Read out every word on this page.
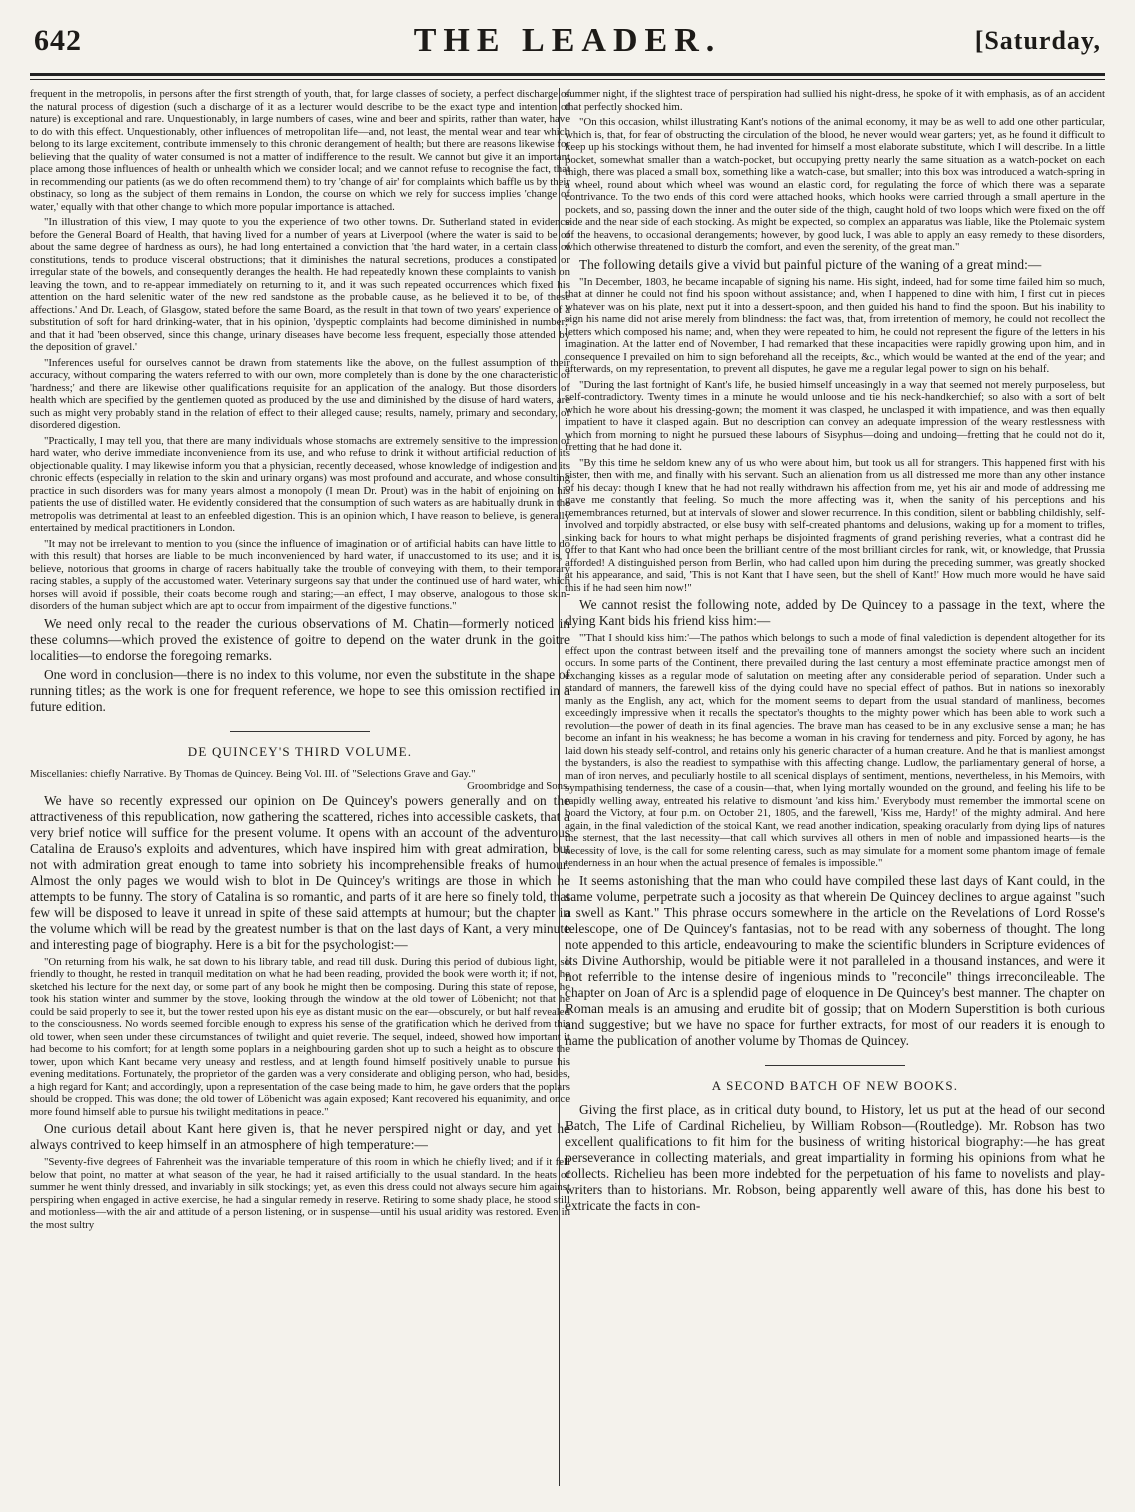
642	THE LEADER.	[Saturday,

frequent in the metropolis, in persons after the first strength of youth, that, for large classes of society, a perfect discharge of the natural process of digestion (such a discharge of it as a lecturer would describe to be the exact type and intention of nature) is exceptional and rare. Unquestionably, in large numbers of cases, wine and beer and spirits, rather than water, have to do with this effect. Unquestionably, other influences of metropolitan life—and, not least, the mental wear and tear which belong to its large excitement, contribute immensely to this chronic derangement of health; but there are reasons likewise for believing that the quality of water consumed is not a matter of indifference to the result. We cannot but give it an important place among those influences of health or unhealth which we consider local; and we cannot refuse to recognise the fact, that in recommending our patients (as we do often recommend them) to try 'change of air' for complaints which baffle us by their obstinacy, so long as the subject of them remains in London, the course on which we rely for success implies 'change of water,' equally with that other change to which more popular importance is attached.

"In illustration of this view, I may quote to you the experience of two other towns. Dr. Sutherland stated in evidence before the General Board of Health, that having lived for a number of years at Liverpool (where the water is said to be of about the same degree of hardness as ours), he had long entertained a conviction that 'the hard water, in a certain class of constitutions, tends to produce visceral obstructions; that it diminishes the natural secretions, produces a constipated or irregular state of the bowels, and consequently deranges the health. He had repeatedly known these complaints to vanish on leaving the town, and to re-appear immediately on returning to it, and it was such repeated occurrences which fixed his attention on the hard selenitic water of the new red sandstone as the probable cause, as he believed it to be, of these affections.' And Dr. Leach, of Glasgow, stated before the same Board, as the result in that town of two years' experience of a substitution of soft for hard drinking-water, that in his opinion, 'dyspeptic complaints had become diminished in number;' and that it had 'been observed, since this change, urinary diseases have become less frequent, especially those attended by the deposition of gravel.'

"Inferences useful for ourselves cannot be drawn from statements like the above, on the fullest assumption of their accuracy, without comparing the waters referred to with our own, more completely than is done by the one characteristic of 'hardness;' and there are likewise other qualifications requisite for an application of the analogy. But those disorders of health which are specified by the gentlemen quoted as produced by the use and diminished by the disuse of hard waters, are such as might very probably stand in the relation of effect to their alleged cause; results, namely, primary and secondary, of disordered digestion.

"Practically, I may tell you, that there are many individuals whose stomachs are extremely sensitive to the impression of hard water, who derive immediate inconvenience from its use, and who refuse to drink it without artificial reduction of its objectionable quality. I may likewise inform you that a physician, recently deceased, whose knowledge of indigestion and its chronic effects (especially in relation to the skin and urinary organs) was most profound and accurate, and whose consulting practice in such disorders was for many years almost a monopoly (I mean Dr. Prout) was in the habit of enjoining on his patients the use of distilled water. He evidently considered that the consumption of such waters as are habitually drunk in the metropolis was detrimental at least to an enfeebled digestion. This is an opinion which, I have reason to believe, is generally entertained by medical practitioners in London.

"It may not be irrelevant to mention to you (since the influence of imagination or of artificial habits can have little to do with this result) that horses are liable to be much inconvenienced by hard water, if unaccustomed to its use; and it is, I believe, notorious that grooms in charge of racers habitually take the trouble of conveying with them, to their temporary racing stables, a supply of the accustomed water. Veterinary surgeons say that under the continued use of hard water, which horses will avoid if possible, their coats become rough and staring;—an effect, I may observe, analogous to those skin-disorders of the human subject which are apt to occur from impairment of the digestive functions."

We need only recal to the reader the curious observations of M. Chatin—formerly noticed in these columns—which proved the existence of goitre to depend on the water drunk in the goitre localities—to endorse the foregoing remarks.

One word in conclusion—there is no index to this volume, nor even the substitute in the shape of running titles; as the work is one for frequent reference, we hope to see this omission rectified in a future edition.

DE QUINCEY'S THIRD VOLUME.
Miscellanies: chiefly Narrative. By Thomas de Quincey. Being Vol. III. of "Selections Grave and Gay."
Groombridge and Sons.

We have so recently expressed our opinion on De Quincey's powers generally and on the attractiveness of this republication, now gathering the scattered, riches into accessible caskets, that a very brief notice will suffice for the present volume. It opens with an account of the adventurous Catalina de Erauso's exploits and adventures, which have inspired him with great admiration, but not with admiration great enough to tame into sobriety his incomprehensible freaks of humour. Almost the only pages we would wish to blot in De Quincey's writings are those in which he attempts to be funny. The story of Catalina is so romantic, and parts of it are here so finely told, that few will be disposed to leave it unread in spite of these said attempts at humour; but the chapter in the volume which will be read by the greatest number is that on the last days of Kant, a very minute and interesting page of biography. Here is a bit for the psychologist:—

"On returning from his walk, he sat down to his library table, and read till dusk. During this period of dubious light, so friendly to thought, he rested in tranquil meditation on what he had been reading, provided the book were worth it; if not, he sketched his lecture for the next day, or some part of any book he might then be composing. During this state of repose, he took his station winter and summer by the stove, looking through the window at the old tower of Löbenicht; not that he could be said properly to see it, but the tower rested upon his eye as distant music on the ear—obscurely, or but half revealed to the consciousness. No words seemed forcible enough to express his sense of the gratification which he derived from this old tower, when seen under these circumstances of twilight and quiet reverie. The sequel, indeed, showed how important it had become to his comfort; for at length some poplars in a neighbouring garden shot up to such a height as to obscure the tower, upon which Kant became very uneasy and restless, and at length found himself positively unable to pursue his evening meditations. Fortunately, the proprietor of the garden was a very considerate and obliging person, who had, besides, a high regard for Kant; and accordingly, upon a representation of the case being made to him, he gave orders that the poplars should be cropped. This was done; the old tower of Löbenicht was again exposed; Kant recovered his equanimity, and once more found himself able to pursue his twilight meditations in peace."

One curious detail about Kant here given is, that he never perspired night or day, and yet he always contrived to keep himself in an atmosphere of high temperature:—

"Seventy-five degrees of Fahrenheit was the invariable temperature of this room in which he chiefly lived; and if it fell below that point, no matter at what season of the year, he had it raised artificially to the usual standard. In the heats of summer he went thinly dressed, and invariably in silk stockings; yet, as even this dress could not always secure him against perspiring when engaged in active exercise, he had a singular remedy in reserve. Retiring to some shady place, he stood still and motionless—with the air and attitude of a person listening, or in suspense—until his usual aridity was restored. Even in the most sultry

summer night, if the slightest trace of perspiration had sullied his night-dress, he spoke of it with emphasis, as of an accident that perfectly shocked him.

"On this occasion, whilst illustrating Kant's notions of the animal economy, it may be as well to add one other particular, which is, that, for fear of obstructing the circulation of the blood, he never would wear garters; yet, as he found it difficult to keep up his stockings without them, he had invented for himself a most elaborate substitute, which I will describe. In a little pocket, somewhat smaller than a watch-pocket, but occupying pretty nearly the same situation as a watch-pocket on each thigh, there was placed a small box, something like a watch-case, but smaller; into this box was introduced a watch-spring in a wheel, round about which wheel was wound an elastic cord, for regulating the force of which there was a separate contrivance. To the two ends of this cord were attached hooks, which hooks were carried through a small aperture in the pockets, and so, passing down the inner and the outer side of the thigh, caught hold of two loops which were fixed on the off side and the near side of each stocking. As might be expected, so complex an apparatus was liable, like the Ptolemaic system of the heavens, to occasional derangements; however, by good luck, I was able to apply an easy remedy to these disorders, which otherwise threatened to disturb the comfort, and even the serenity, of the great man."

The following details give a vivid but painful picture of the waning of a great mind:—

"In December, 1803, he became incapable of signing his name. His sight, indeed, had for some time failed him so much, that at dinner he could not find his spoon without assistance; and, when I happened to dine with him, I first cut in pieces whatever was on his plate, next put it into a dessert-spoon, and then guided his hand to find the spoon. But his inability to sign his name did not arise merely from blindness: the fact was, that, from irretention of memory, he could not recollect the letters which composed his name; and, when they were repeated to him, he could not represent the figure of the letters in his imagination. At the latter end of November, I had remarked that these incapacities were rapidly growing upon him, and in consequence I prevailed on him to sign beforehand all the receipts, &c., which would be wanted at the end of the year; and afterwards, on my representation, to prevent all disputes, he gave me a regular legal power to sign on his behalf.

"During the last fortnight of Kant's life, he busied himself unceasingly in a way that seemed not merely purposeless, but self-contradictory. Twenty times in a minute he would unloose and tie his neck-handkerchief; so also with a sort of belt which he wore about his dressing-gown; the moment it was clasped, he unclasped it with impatience, and was then equally impatient to have it clasped again. But no description can convey an adequate impression of the weary restlessness with which from morning to night he pursued these labours of Sisyphus—doing and undoing—fretting that he could not do it, fretting that he had done it.

"By this time he seldom knew any of us who were about him, but took us all for strangers. This happened first with his sister, then with me, and finally with his servant. Such an alienation from us all distressed me more than any other instance of his decay: though I knew that he had not really withdrawn his affection from me, yet his air and mode of addressing me gave me constantly that feeling. So much the more affecting was it, when the sanity of his perceptions and his remembrances returned, but at intervals of slower and slower recurrence. In this condition, silent or babbling childishly, self-involved and torpidly abstracted, or else busy with self-created phantoms and delusions, waking up for a moment to trifles, sinking back for hours to what might perhaps be disjointed fragments of grand perishing reveries, what a contrast did he offer to that Kant who had once been the brilliant centre of the most brilliant circles for rank, wit, or knowledge, that Prussia afforded! A distinguished person from Berlin, who had called upon him during the preceding summer, was greatly shocked at his appearance, and said, 'This is not Kant that I have seen, but the shell of Kant!' How much more would he have said this if he had seen him now!"

We cannot resist the following note, added by De Quincey to a passage in the text, where the dying Kant bids his friend kiss him:—

"'That I should kiss him:'—The pathos which belongs to such a mode of final valediction is dependent altogether for its effect upon the contrast between itself and the prevailing tone of manners amongst the society where such an incident occurs. In some parts of the Continent, there prevailed during the last century a most effeminate practice amongst men of exchanging kisses as a regular mode of salutation on meeting after any considerable period of separation. Under such a standard of manners, the farewell kiss of the dying could have no special effect of pathos. But in nations so inexorably manly as the English, any act, which for the moment seems to depart from the usual standard of manliness, becomes exceedingly impressive when it recalls the spectator's thoughts to the mighty power which has been able to work such a revolution—the power of death in its final agencies. The brave man has ceased to be in any exclusive sense a man; he has become an infant in his weakness; he has become a woman in his craving for tenderness and pity. Forced by agony, he has laid down his steady self-control, and retains only his generic character of a human creature. And he that is manliest amongst the bystanders, is also the readiest to sympathise with this affecting change. Ludlow, the parliamentary general of horse, a man of iron nerves, and peculiarly hostile to all scenical displays of sentiment, mentions, nevertheless, in his Memoirs, with sympathising tenderness, the case of a cousin—that, when lying mortally wounded on the ground, and feeling his life to be rapidly welling away, entreated his relative to dismount 'and kiss him.' Everybody must remember the immortal scene on board the Victory, at four p.m. on October 21, 1805, and the farewell, 'Kiss me, Hardy!' of the mighty admiral. And here again, in the final valediction of the stoical Kant, we read another indication, speaking oracularly from dying lips of natures the sternest, that the last necessity—that call which survives all others in men of noble and impassioned hearts—is the necessity of love, is the call for some relenting caress, such as may simulate for a moment some phantom image of female tenderness in an hour when the actual presence of females is impossible."

It seems astonishing that the man who could have compiled these last days of Kant could, in the same volume, perpetrate such a jocosity as that wherein De Quincey declines to argue against "such a swell as Kant." This phrase occurs somewhere in the article on the Revelations of Lord Rosse's telescope, one of De Quincey's fantasias, not to be read with any soberness of thought. The long note appended to this article, endeavouring to make the scientific blunders in Scripture evidences of its Divine Authorship, would be pitiable were it not paralleled in a thousand instances, and were it not referrible to the intense desire of ingenious minds to "reconcile" things irreconcileable. The chapter on Joan of Arc is a splendid page of eloquence in De Quincey's best manner. The chapter on Roman meals is an amusing and erudite bit of gossip; that on Modern Superstition is both curious and suggestive; but we have no space for further extracts, for most of our readers it is enough to name the publication of another volume by Thomas de Quincey.

A SECOND BATCH OF NEW BOOKS.

Giving the first place, as in critical duty bound, to History, let us put at the head of our second Batch, The Life of Cardinal Richelieu, by William Robson—(Routledge). Mr. Robson has two excellent qualifications to fit him for the business of writing historical biography:—he has great perseverance in collecting materials, and great impartiality in forming his opinions from what he collects. Richelieu has been more indebted for the perpetuation of his fame to novelists and play-writers than to historians. Mr. Robson, being apparently well aware of this, has done his best to extricate the facts in con-
